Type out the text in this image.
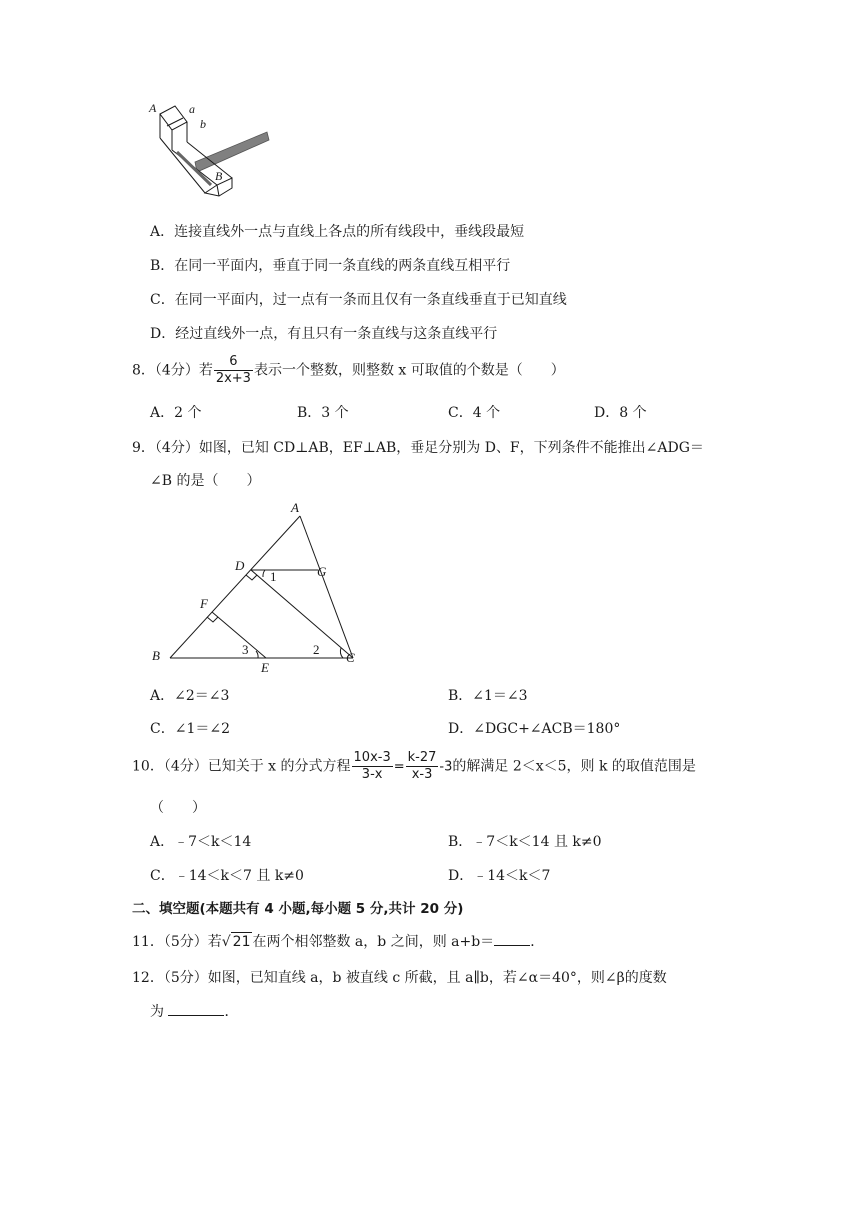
A	a
b
B
A．连接直线外一点与直线上各点的所有线段中，垂线段最短
B．在同一平面内，垂直于同一条直线的两条直线互相平行
C．在同一平面内，过一点有一条而且仅有一条直线垂直于已知直线
D．经过直线外一点，有且只有一条直线与这条直线平行
8．（4分）若 $\frac{6}{2x+3}$ 表示一个整数，则整数 x 可取值的个数是（　　）
A．2 个	B．3 个	C．4 个	D．8 个
9．（4分）如图，已知 CD⊥AB，EF⊥AB，垂足分别为 D、F，下列条件不能推出∠ADG＝
∠B 的是（　　）
A
D	G
1
F
B	3
E
2
C
A．∠2＝∠3	B．∠1＝∠3
C．∠1＝∠2	D．∠DGC+∠ACB＝180°
10．（4分）已知关于 x 的分式方程 $\frac{10x-3}{3-x} = \frac{k-27}{x-3} -3$的解满足 2＜x＜5，则 k 的取值范围是
（　　）
A．﹣7＜k＜14	B．﹣7＜k＜14 且 k≠0
C．﹣14＜k＜7 且 k≠0	D．﹣14＜k＜7
二、填空题(本题共有 4 小题,每小题 5 分,共计 20 分)
11．（5分）若√ 21 在两个相邻整数 a，b 之间，则 a+b＝	．
12．（5分）如图，已知直线 a，b 被直线 c 所截，且 a∥b，若∠α＝40°，则∠β的度数
为	．
